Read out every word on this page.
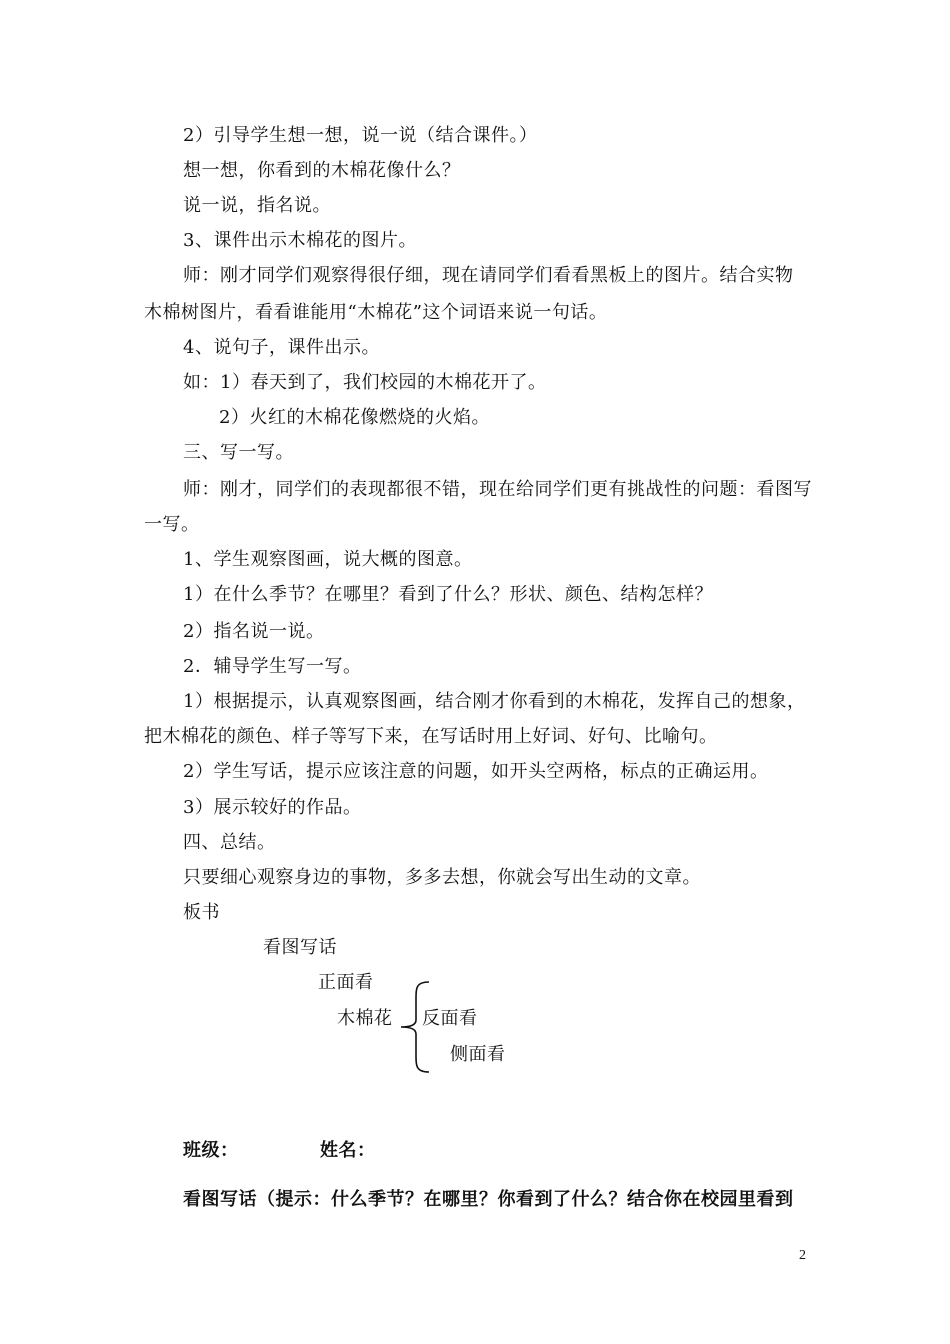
2）引导学生想一想，说一说（结合课件。）
想一想，你看到的木棉花像什么？
说一说，指名说。
3、课件出示木棉花的图片。
师：刚才同学们观察得很仔细，现在请同学们看看黑板上的图片。结合实物
木棉树图片，看看谁能用“木棉花”这个词语来说一句话。
4、说句子，课件出示。
如：1）春天到了，我们校园的木棉花开了。
2）火红的木棉花像燃烧的火焰。
三、写一写。
师：刚才，同学们的表现都很不错，现在给同学们更有挑战性的问题：看图写
一写。
1、学生观察图画，说大概的图意。
1）在什么季节？在哪里？看到了什么？形状、颜色、结构怎样？
2）指名说一说。
2．辅导学生写一写。
1）根据提示，认真观察图画，结合刚才你看到的木棉花，发挥自己的想象，
把木棉花的颜色、样子等写下来，在写话时用上好词、好句、比喻句。
2）学生写话，提示应该注意的问题，如开头空两格，标点的正确运用。
3）展示较好的作品。
四、总结。
只要细心观察身边的事物，多多去想，你就会写出生动的文章。
板书
看图写话
正面看
木棉花 反面看
侧面看
班级：	姓名：
看图写话（提示：什么季节？在哪里？你看到了什么？结合你在校园里看到
2
